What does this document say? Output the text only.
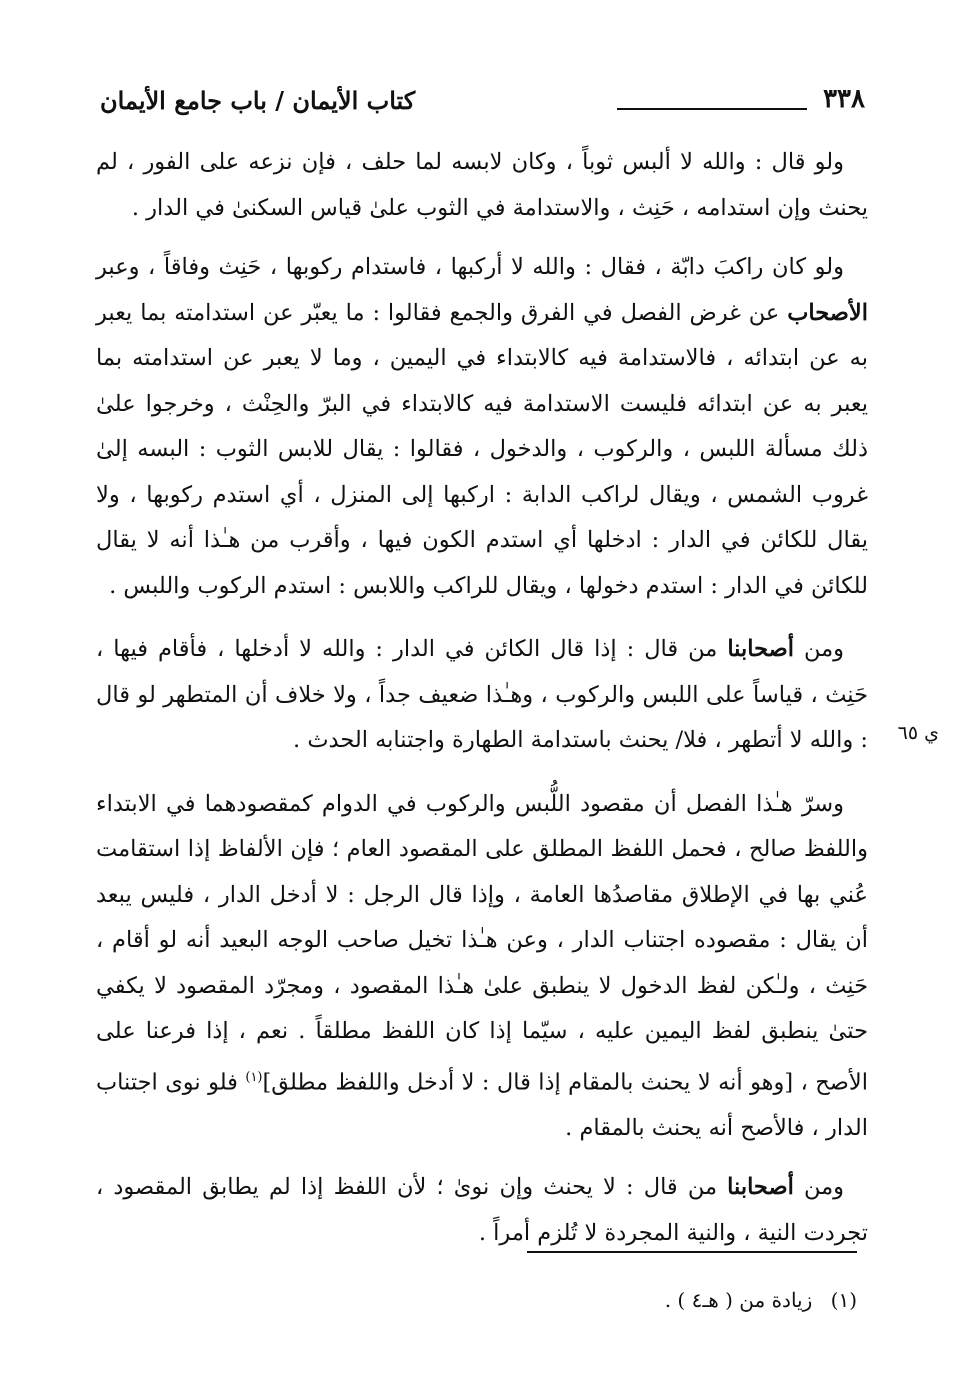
٣٣٨
كتاب الأيمان / باب جامع الأيمان

ولو قال : والله لا ألبس ثوباً ، وكان لابسه لما حلف ، فإن نزعه على الفور ، لم يحنث وإن استدامه ، حَنِث ، والاستدامة في الثوب علىٰ قياس السكنىٰ في الدار .

ولو كان راكبَ دابّة ، فقال : والله لا أركبها ، فاستدام ركوبها ، حَنِث وفاقاً ، وعبر الأصحاب عن غرض الفصل في الفرق والجمع فقالوا : ما يعبّر عن استدامته بما يعبر به عن ابتدائه ، فالاستدامة فيه كالابتداء في اليمين ، وما لا يعبر عن استدامته بما يعبر به عن ابتدائه فليست الاستدامة فيه كالابتداء في البرّ والحِنْث ، وخرجوا علىٰ ذلك مسألة اللبس ، والركوب ، والدخول ، فقالوا : يقال للابس الثوب : البسه إلىٰ غروب الشمس ، ويقال لراكب الدابة : اركبها إلى المنزل ، أي استدم ركوبها ، ولا يقال للكائن في الدار : ادخلها أي استدم الكون فيها ، وأقرب من هـٰذا أنه لا يقال للكائن في الدار : استدم دخولها ، ويقال للراكب واللابس : استدم الركوب واللبس .

ومن أصحابنا من قال : إذا قال الكائن في الدار : والله لا أدخلها ، فأقام فيها ، حَنِث ، قياساً على اللبس والركوب ، وهـٰذا ضعيف جداً ، ولا خلاف أن المتطهر لو قال : والله لا أتطهر ، فلا/ يحنث باستدامة الطهارة واجتنابه الحدث .

وسرّ هـٰذا الفصل أن مقصود اللُّبس والركوب في الدوام كمقصودهما في الابتداء واللفظ صالح ، فحمل اللفظ المطلق على المقصود العام ؛ فإن الألفاظ إذا استقامت عُني بها في الإطلاق مقاصدُها العامة ، وإذا قال الرجل : لا أدخل الدار ، فليس يبعد أن يقال : مقصوده اجتناب الدار ، وعن هـٰذا تخيل صاحب الوجه البعيد أنه لو أقام ، حَنِث ، ولـٰكن لفظ الدخول لا ينطبق علىٰ هـٰذا المقصود ، ومجرّد المقصود لا يكفي حتىٰ ينطبق لفظ اليمين عليه ، سيّما إذا كان اللفظ مطلقاً . نعم ، إذا فرعنا على الأصح ، [وهو أنه لا يحنث بالمقام إذا قال : لا أدخل واللفظ مطلق]$^{(١)}$ فلو نوى اجتناب الدار ، فالأصح أنه يحنث بالمقام .

ومن أصحابنا من قال : لا يحنث وإن نوىٰ ؛ لأن اللفظ إذا لم يطابق المقصود ، تجردت النية ، والنية المجردة لا تُلزم أمراً .

ي ٦٥
(١) زيادة من ( هـ٤ ) .
